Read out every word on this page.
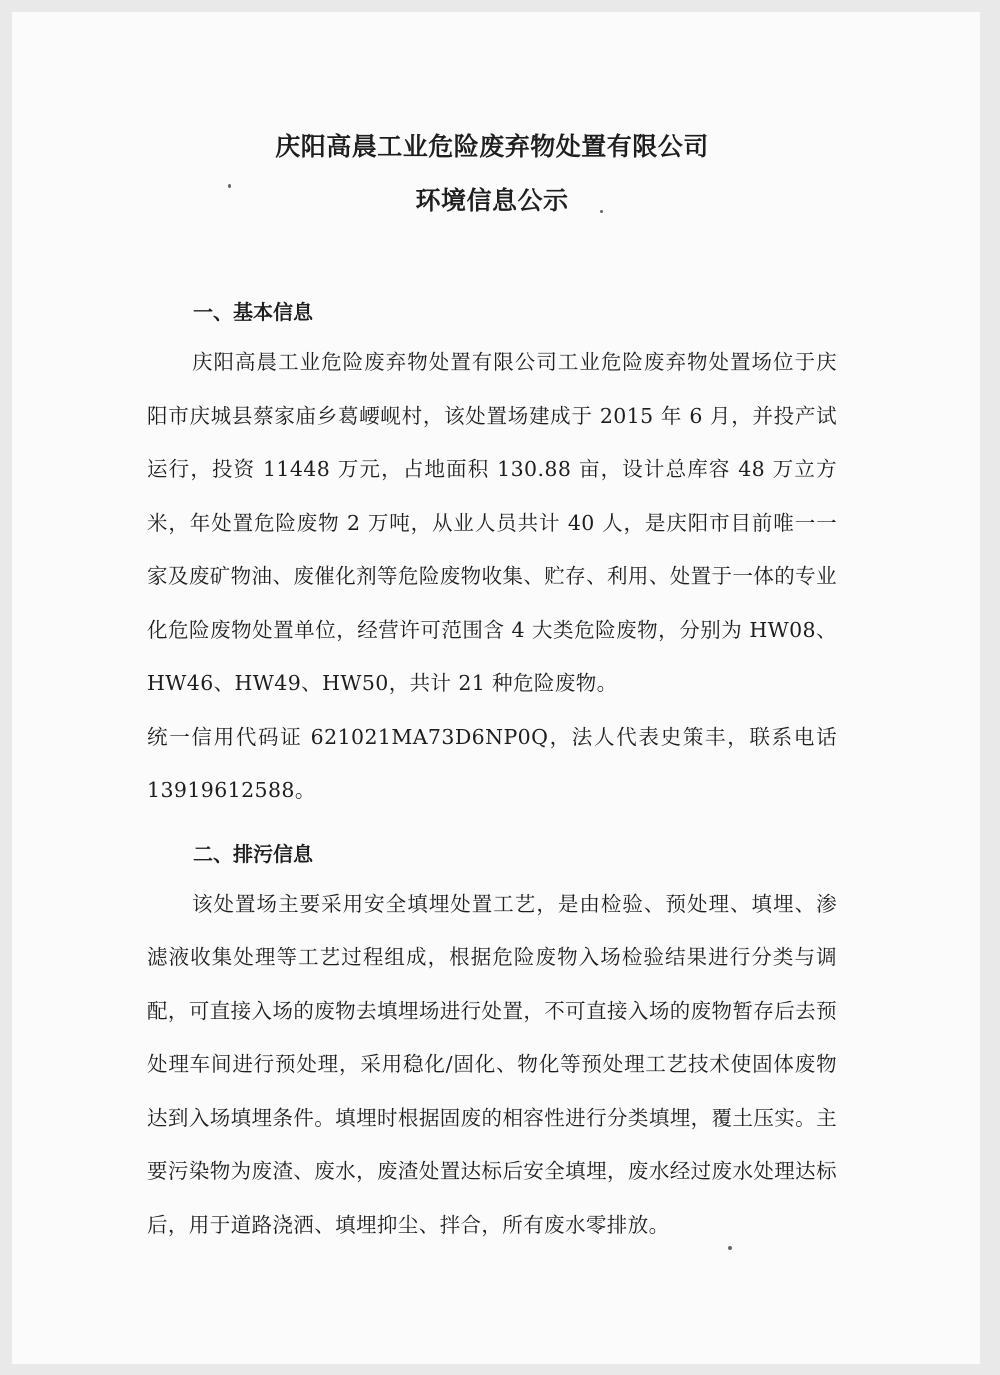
庆阳高晨工业危险废弃物处置有限公司
环境信息公示
一、基本信息

庆阳高晨工业危险废弃物处置有限公司工业危险废弃物处置场位于庆阳市庆城县蔡家庙乡葛崾岘村，该处置场建成于 2015 年 6 月，并投产试运行，投资 11448 万元，占地面积 130.88 亩，设计总库容 48 万立方米，年处置危险废物 2 万吨，从业人员共计 40 人，是庆阳市目前唯一一家及废矿物油、废催化剂等危险废物收集、贮存、利用、处置于一体的专业化危险废物处置单位，经营许可范围含 4 大类危险废物，分别为 HW08、HW46、HW49、HW50，共计 21 种危险废物。

统一信用代码证 621021MA73D6NP0Q，法人代表史策丰，联系电话 13919612588。

二、排污信息

该处置场主要采用安全填埋处置工艺，是由检验、预处理、填埋、渗滤液收集处理等工艺过程组成，根据危险废物入场检验结果进行分类与调配，可直接入场的废物去填埋场进行处置，不可直接入场的废物暂存后去预处理车间进行预处理，采用稳化/固化、物化等预处理工艺技术使固体废物达到入场填埋条件。填埋时根据固废的相容性进行分类填埋，覆土压实。主要污染物为废渣、废水，废渣处置达标后安全填埋，废水经过废水处理达标后，用于道路浇洒、填埋抑尘、拌合，所有废水零排放。
